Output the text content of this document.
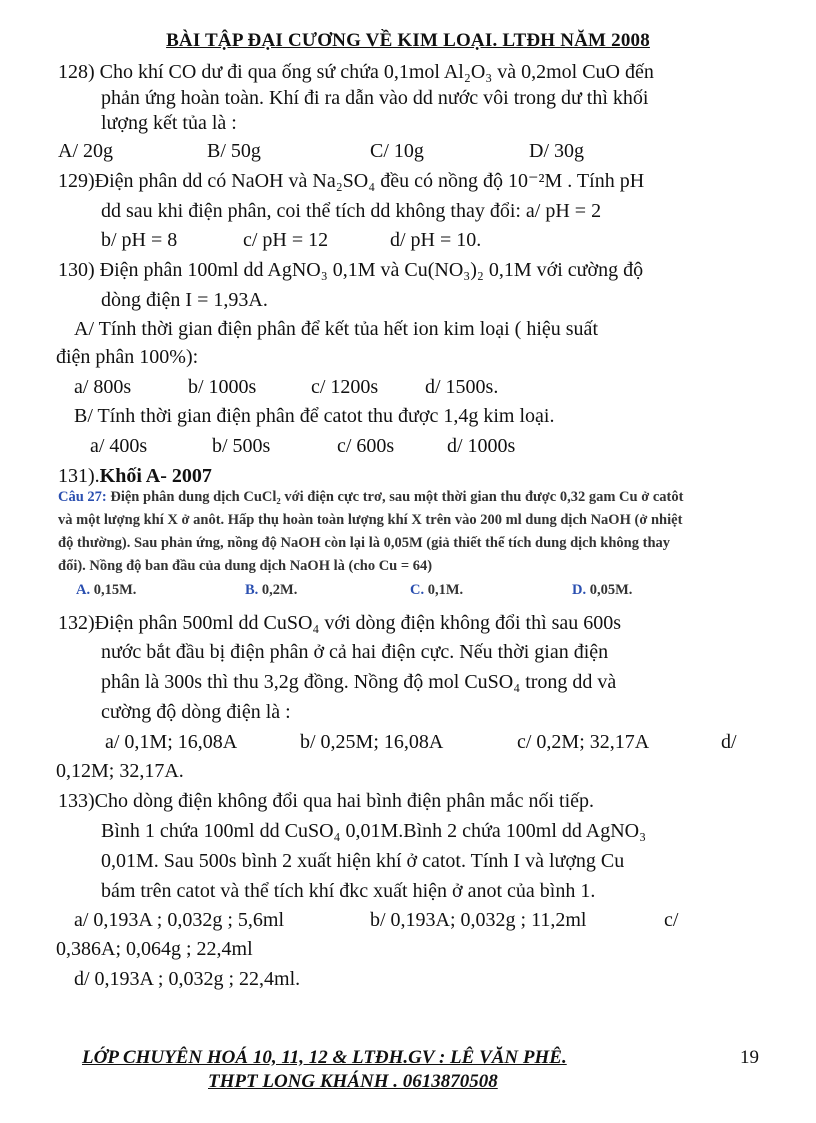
BÀI TẬP ĐẠI CƯƠNG VỀ KIM LOẠI. LTĐH NĂM 2008
128) Cho khí CO dư đi qua ống sứ chứa 0,1mol Al₂O₃ và 0,2mol CuO đến
phản ứng hoàn toàn. Khí đi ra dẫn vào dd nước vôi trong dư thì khối
lượng kết tủa là :
A/ 20g	B/ 50g	C/ 10g	D/ 30g
129)Điện phân dd có NaOH và Na₂SO₄ đều có nồng độ 10⁻²M . Tính pH
dd sau khi điện phân, coi thể tích dd không thay đổi: a/ pH = 2
b/ pH = 8	c/ pH = 12	d/ pH = 10.
130) Điện phân 100ml dd AgNO₃ 0,1M và Cu(NO₃)₂ 0,1M với cường độ
dòng điện I = 1,93A.
A/ Tính thời gian điện phân để kết tủa hết ion kim loại ( hiệu suất
điện phân 100%):
a/ 800s	b/ 1000s	c/ 1200s d/ 1500s.
B/ Tính thời gian điện phân để catot thu được 1,4g kim loại.
a/ 400s	b/ 500s	c/ 600s	d/ 1000s
131).Khối A- 2007
Câu 27: Điện phân dung dịch CuCl₂ với điện cực trơ, sau một thời gian thu được 0,32 gam Cu ở catôt
và một lượng khí X ở anôt. Hấp thụ hoàn toàn lượng khí X trên vào 200 ml dung dịch NaOH (ở nhiệt
độ thường). Sau phản ứng, nồng độ NaOH còn lại là 0,05M (giả thiết thể tích dung dịch không thay
đổi). Nồng độ ban đầu của dung dịch NaOH là (cho Cu = 64)
A. 0,15M.	B. 0,2M.	C. 0,1M.	D. 0,05M.
132)Điện phân 500ml dd CuSO₄ với dòng điện không đổi thì sau 600s
nước bắt đầu bị điện phân ở cả hai điện cực. Nếu thời gian điện
phân là 300s thì thu 3,2g đồng. Nồng độ mol CuSO₄ trong dd và
cường độ dòng điện là :
a/ 0,1M; 16,08A	b/ 0,25M; 16,08A	c/ 0,2M; 32,17A	d/
0,12M; 32,17A.
133)Cho dòng điện không đổi qua hai bình điện phân mắc nối tiếp.
Bình 1 chứa 100ml dd CuSO₄ 0,01M.Bình 2 chứa 100ml dd AgNO₃
0,01M. Sau 500s bình 2 xuất hiện khí ở catot. Tính I và lượng Cu
bám trên catot và thể tích khí đkc xuất hiện ở anot của bình 1.
a/ 0,193A ; 0,032g ; 5,6ml	b/ 0,193A; 0,032g ; 11,2ml	c/
0,386A; 0,064g ; 22,4ml
d/ 0,193A ; 0,032g ; 22,4ml.
LỚP CHUYÊN HOÁ 10, 11, 12 & LTĐH.GV : LÊ VĂN PHÊ.
THPT LONG KHÁNH . 0613870508
19
